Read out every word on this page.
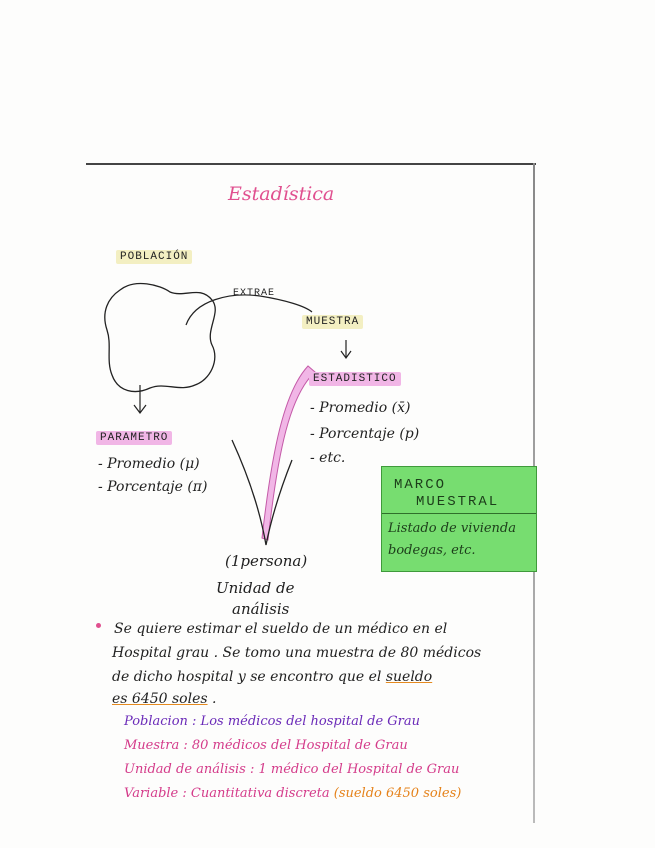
Estadística
POBLACIÓN
EXTRAE
MUESTRA
ESTADISTICO
- Promedio (x̄)
- Porcentaje (p)
- etc.
PARAMETRO
- Promedio (μ)
- Porcentaje (π)
(1persona)
Unidad de
análisis
MARCO
MUESTRAL
Listado de vivienda
bodegas, etc.
Se quiere estimar el sueldo de un médico en el
Hospital grau . Se tomo una muestra de 80 médicos
de dicho hospital y se encontro que el sueldo
es 6450 soles .
Poblacion : Los médicos del hospital de Grau
Muestra : 80 médicos del Hospital de Grau
Unidad de análisis : 1 médico del Hospital de Grau
Variable : Cuantitativa discreta (sueldo 6450 soles)
